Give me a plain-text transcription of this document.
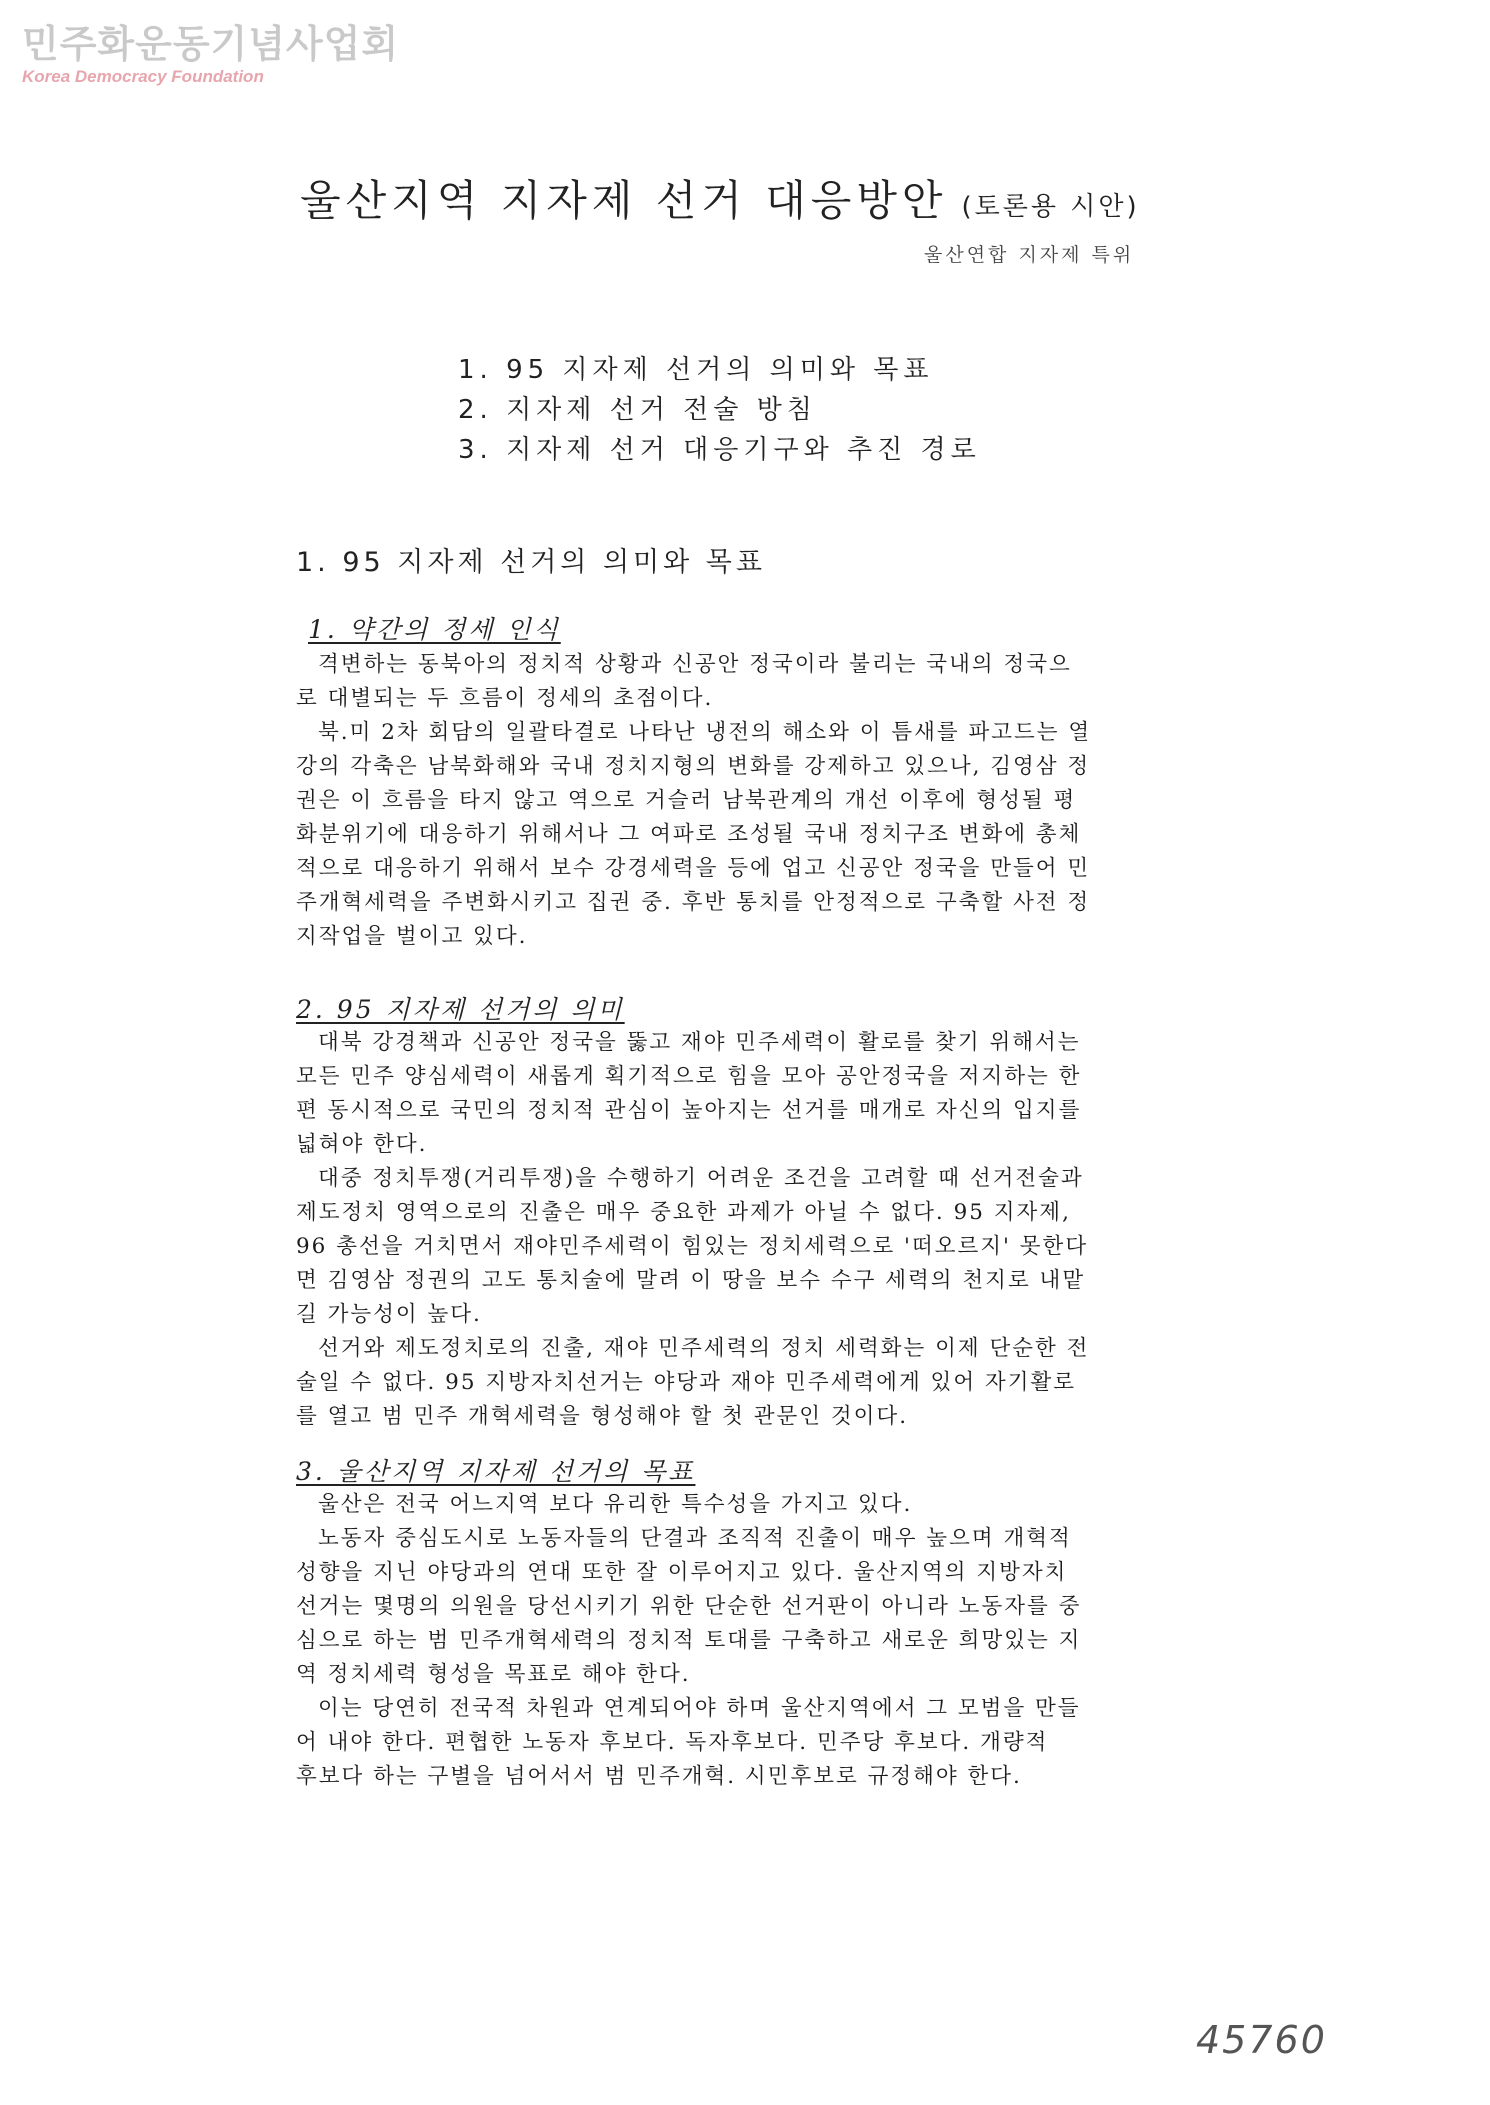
민주화운동기념사업회
Korea Democracy Foundation
울산지역 지자제 선거 대응방안 (토론용 시안)
울산연합 지자제 특위
1. 95 지자제 선거의 의미와 목표
2. 지자제 선거 전술 방침
3. 지자제 선거 대응기구와 추진 경로
1. 95 지자제 선거의 의미와 목표
1. 약간의 정세 인식
격변하는 동북아의 정치적 상황과 신공안 정국이라 불리는 국내의 정국으
로 대별되는 두 흐름이 정세의 초점이다.
북.미 2차 회담의 일괄타결로 나타난 냉전의 해소와 이 틈새를 파고드는 열
강의 각축은 남북화해와 국내 정치지형의 변화를 강제하고 있으나, 김영삼 정
권은 이 흐름을 타지 않고 역으로 거슬러 남북관계의 개선 이후에 형성될 평
화분위기에 대응하기 위해서나 그 여파로 조성될 국내 정치구조 변화에 총체
적으로 대응하기 위해서 보수 강경세력을 등에 업고 신공안 정국을 만들어 민
주개혁세력을 주변화시키고 집권 중. 후반 통치를 안정적으로 구축할 사전 정
지작업을 벌이고 있다.
2. 95 지자제 선거의 의미
대북 강경책과 신공안 정국을 뚫고 재야 민주세력이 활로를 찾기 위해서는
모든 민주 양심세력이 새롭게 획기적으로 힘을 모아 공안정국을 저지하는 한
편 동시적으로 국민의 정치적 관심이 높아지는 선거를 매개로 자신의 입지를
넓혀야 한다.
대중 정치투쟁(거리투쟁)을 수행하기 어려운 조건을 고려할 때 선거전술과
제도정치 영역으로의 진출은 매우 중요한 과제가 아닐 수 없다. 95 지자제,
96 총선을 거치면서 재야민주세력이 힘있는 정치세력으로 '떠오르지' 못한다
면 김영삼 정권의 고도 통치술에 말려 이 땅을 보수 수구 세력의 천지로 내맡
길 가능성이 높다.
선거와 제도정치로의 진출, 재야 민주세력의 정치 세력화는 이제 단순한 전
술일 수 없다. 95 지방자치선거는 야당과 재야 민주세력에게 있어 자기활로
를 열고 범 민주 개혁세력을 형성해야 할 첫 관문인 것이다.
3. 울산지역 지자제 선거의 목표
울산은 전국 어느지역 보다 유리한 특수성을 가지고 있다.
노동자 중심도시로 노동자들의 단결과 조직적 진출이 매우 높으며 개혁적
성향을 지닌 야당과의 연대 또한 잘 이루어지고 있다. 울산지역의 지방자치
선거는 몇명의 의원을 당선시키기 위한 단순한 선거판이 아니라 노동자를 중
심으로 하는 범 민주개혁세력의 정치적 토대를 구축하고 새로운 희망있는 지
역 정치세력 형성을 목표로 해야 한다.
이는 당연히 전국적 차원과 연계되어야 하며 울산지역에서 그 모범을 만들
어 내야 한다. 편협한 노동자 후보다. 독자후보다. 민주당 후보다. 개량적
후보다 하는 구별을 넘어서서 범 민주개혁. 시민후보로 규정해야 한다.
45760
